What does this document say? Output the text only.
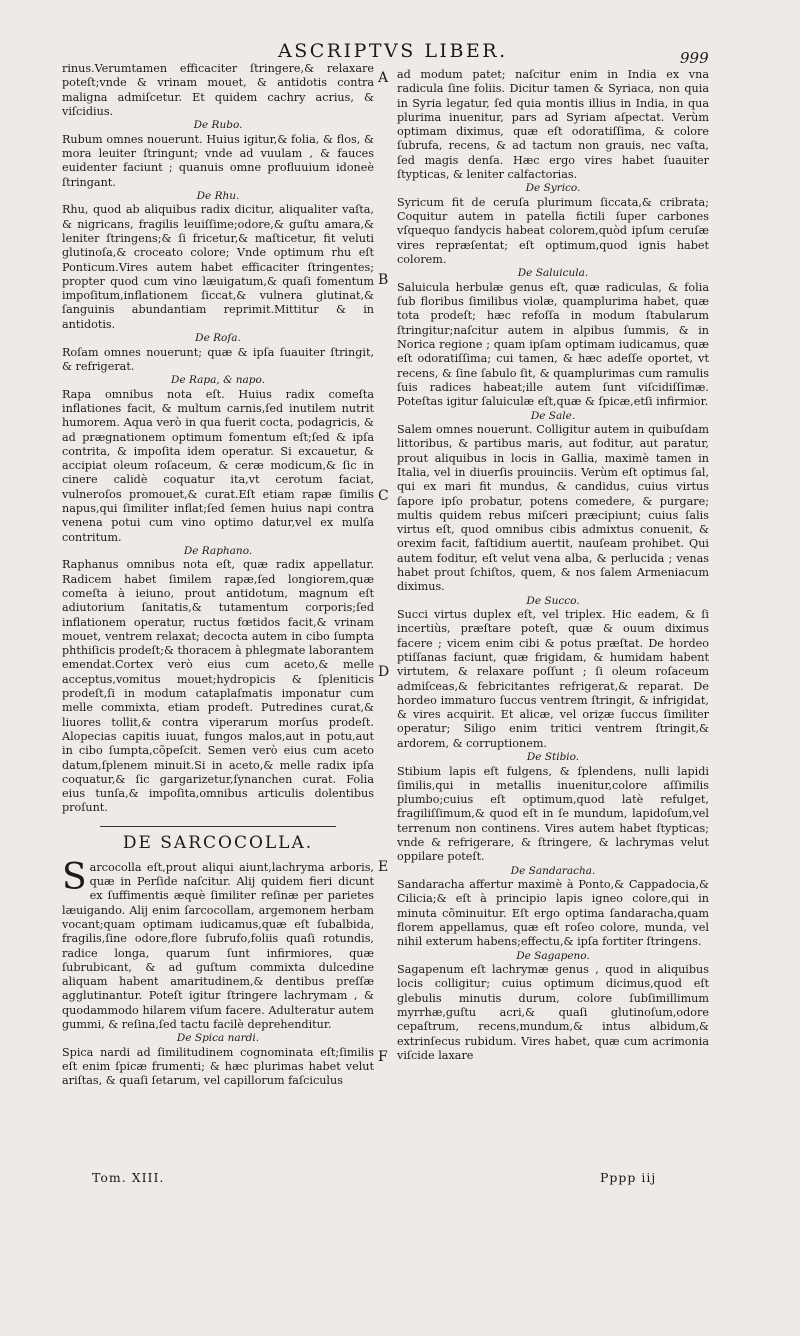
ASCRIPTVS LIBER.	999

rinus.Verumtamen efficaciter ſtringere,& relaxare poteſt;vnde & vrinam mouet, & antidotis contra maligna admiſcetur. Et quidem cachry acrius, & viſcidius.

De Rubo.

Rubum omnes nouerunt. Huius igitur,& folia, & flos, & mora leuiter ſtringunt; vnde ad vuulam , & fauces euidenter faciunt ; quanuis omne profluuium idoneè ſtringant.

De Rhu.

Rhu, quod ab aliquibus radix dicitur, aliqualiter vaſta, & nigricans, fragilis leuiſſime;odore,& guſtu amara,& leniter ſtringens;& ſi fricetur,& maſticetur, fit veluti glutinoſa,& croceato colore; Vnde optimum rhu eſt Ponticum.Vires autem habet efficaciter ſtringentes; propter quod cum vino læuigatum,& quaſi fomentum impoſitum,inflationem ſiccat,& vulnera glutinat,& ſanguinis abundantiam reprimit.Mittitur & in antidotis.

De Roſa.

Roſam omnes nouerunt; quæ & ipſa ſuauiter ſtringit, & refrigerat.

De Rapa, & napo.

Rapa omnibus nota eſt. Huius radix comeſta inflationes facit, & multum carnis,ſed inutilem nutrit humorem. Aqua verò in qua fuerit cocta, podagricis, & ad prægnationem optimum fomentum eſt;ſed & ipſa contrita, & impoſita idem operatur. Si excauetur, & accipiat oleum roſaceum, & ceræ modicum,& ſic in cinere calidè coquatur ita,vt cerotum faciat, vulneroſos promouet,& curat.Eſt etiam rapæ ſimilis napus,qui ſimiliter inflat;ſed ſemen huius napi contra venena potui cum vino optimo datur,vel ex mulſa contritum.

De Raphano.

Raphanus omnibus nota eſt, quæ radix appellatur. Radicem habet ſimilem rapæ,ſed longiorem,quæ comeſta à ieiuno, prout antidotum, magnum eſt adiutorium ſanitatis,& tutamentum corporis;ſed inflationem operatur, ructus fœtidos facit,& vrinam mouet, ventrem relaxat; decocta autem in cibo ſumpta phthiſicis prodeſt;& thoracem à phlegmate laborantem emendat.Cortex verò eius cum aceto,& melle acceptus,vomitus mouet;hydropicis & ſpleniticis prodeſt,ſi in modum cataplaſmatis imponatur cum melle commixta, etiam prodeſt. Putredines curat,& liuores tollit,& contra viperarum morſus prodeſt. Alopecias capitis iuuat, fungos malos,aut in potu,aut in cibo ſumpta,cõpeſcit. Semen verò eius cum aceto datum,ſplenem minuit.Si in aceto,& melle radix ipſa coquatur,& ſic gargarizetur,ſynanchen curat. Folia eius tunſa,& impoſita,omnibus articulis dolentibus proſunt.

DE SARCOCOLLA.

Sarcocolla eſt,prout aliqui aiunt,lachryma arboris, quæ in Perſide naſcitur. Alij quidem fieri dicunt ex ſuffimentis æquè ſimiliter reſinæ per parietes læuigando. Alij enim ſarcocollam, argemonem herbam vocant;quam optimam iudicamus,quæ eſt ſubalbida, fragilis,ſine odore,flore ſubrufo,foliis quaſi rotundis, radice longa, quarum ſunt infirmiores, quæ ſubrubicant, & ad guſtum commixta dulcedine aliquam habent amaritudinem,& dentibus preſſæ agglutinantur. Poteſt igitur ſtringere lachrymam , & quodammodo hilarem viſum facere. Adulteratur autem gummi, & reſina,ſed tactu facilè deprehenditur.

De Spica nardi.

Spica nardi ad ſimilitudinem cognominata eſt;ſimilis eſt enim ſpicæ frumenti; & hæc plurimas habet velut ariſtas, & quaſi ſetarum, vel capillorum faſciculus

ad modum patet; naſcitur enim in India ex vna radicula ſine foliis. Dicitur tamen & Syriaca, non quia in Syria legatur, ſed quia montis illius in India, in qua plurima inuenitur, pars ad Syriam aſpectat. Verùm optimam diximus, quæ eſt odoratiſſima, & colore ſubrufa, recens, & ad tactum non grauis, nec vaſta, ſed magis denſa. Hæc ergo vires habet ſuauiter ſtypticas, & leniter calfactorias.

De Syrico.

Syricum fit de ceruſa plurimum ſiccata,& cribrata; Coquitur autem in patella fictili ſuper carbones vſquequo ſandycis habeat colorem,quòd ipſum ceruſæ vires repræſentat; eſt optimum,quod ignis habet colorem.

De Saluicula.

Saluicula herbulæ genus eſt, quæ radiculas, & folia ſub floribus ſimilibus violæ, quamplurima habet, quæ tota prodeſt; hæc refoſſa in modum ſtabularum ſtringitur;naſcitur autem in alpibus ſummis, & in Norica regione ; quam ipſam optimam iudicamus, quæ eſt odoratiſſima; cui tamen, & hæc adeſſe oportet, vt recens, & ſine ſabulo ſit, & quamplurimas cum ramulis ſuis radices habeat;ille autem ſunt viſcidiſſimæ. Poteſtas igitur ſaluiculæ eſt,quæ & ſpicæ,etſi infirmior.

De Sale.

Salem omnes nouerunt. Colligitur autem in quibuſdam littoribus, & partibus maris, aut foditur, aut paratur, prout aliquibus in locis in Gallia, maximè tamen in Italia, vel in diuerſis prouinciis. Verùm eſt optimus ſal, qui ex mari fit mundus, & candidus, cuius virtus ſapore ipſo probatur, potens comedere, & purgare; multis quidem rebus miſceri præcipiunt; cuius ſalis virtus eſt, quod omnibus cibis admixtus conuenit, & orexim facit, faſtidium auertit, nauſeam prohibet. Qui autem foditur, eſt velut vena alba, & perlucida ; venas habet prout ſchiſtos, quem, & nos ſalem Armeniacum diximus.

De Succo.

Succi virtus duplex eſt, vel triplex. Hic eadem, & ſi incertiùs, præſtare poteſt, quæ & ouum diximus facere ; vicem enim cibi & potus præſtat. De hordeo ptiſſanas faciunt, quæ frigidam, & humidam habent virtutem, & relaxare poſſunt ; ſi oleum roſaceum admiſceas,& febricitantes refrigerat,& reparat. De hordeo immaturo ſuccus ventrem ſtringit, & infrigidat, & vires acquirit. Et alicæ, vel oriẓæ ſuccus ſimiliter operatur; Siligo enim tritici ventrem ſtringit,& ardorem, & corruptionem.

De Stibio.

Stibium lapis eſt fulgens, & ſplendens, nulli lapidi ſimilis,qui in metallis inuenitur,colore aſſimilis plumbo;cuius eſt optimum,quod latè refulget, fragiliſſimum,& quod eſt in ſe mundum, lapidoſum,vel terrenum non continens. Vires autem habet ſtypticas; vnde & refrigerare, & ſtringere, & lachrymas velut oppilare poteſt.

De Sandaracha.

Sandaracha affertur maximè à Ponto,& Cappadocia,& Cilicia;& eſt à principio lapis igneo colore,qui in minuta cõminuitur. Eſt ergo optima ſandaracha,quam florem appellamus, quæ eſt roſeo colore, munda, vel nihil exterum habens;effectu,& ipſa fortiter ſtringens.

De Sagapeno.

Sagapenum eſt lachrymæ genus , quod in aliquibus locis colligitur; cuius optimum dicimus,quod eſt glebulis minutis durum, colore ſubſimillimum myrrhæ,guſtu acri,& quaſi glutinoſum,odore cepaſtrum, recens,mundum,& intus albidum,& extrinſecus rubidum. Vires habet, quæ cum acrimonia viſcide laxare

A
B
C
D
E
F
Tom. XIII.	Pppp iij
